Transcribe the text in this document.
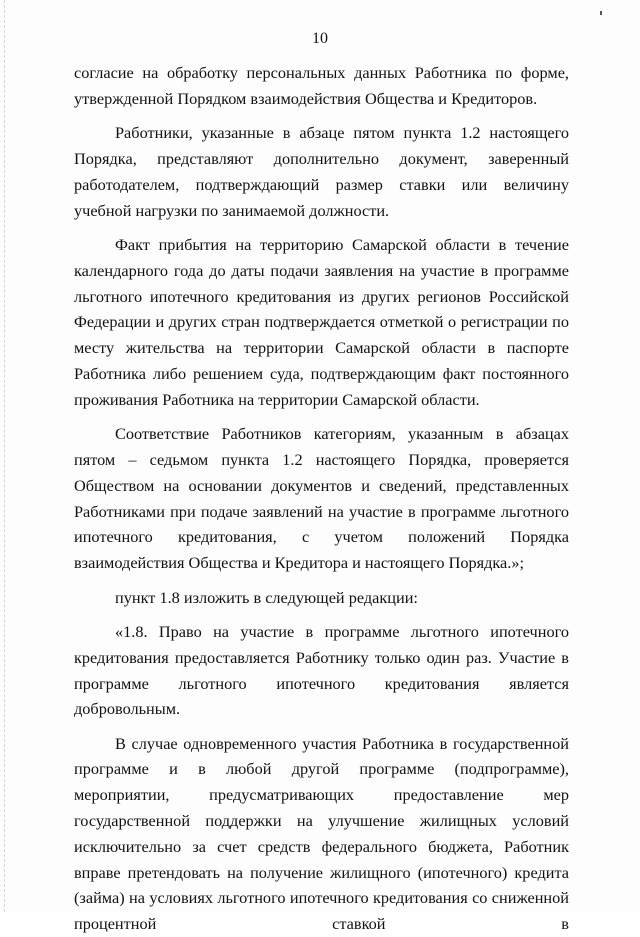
10

согласие на обработку персональных данных Работника по форме, утвержденной Порядком взаимодействия Общества и Кредиторов.

Работники, указанные в абзаце пятом пункта 1.2 настоящего Порядка, представляют дополнительно документ, заверенный работодателем, подтверждающий размер ставки или величину учебной нагрузки по занимаемой должности.

Факт прибытия на территорию Самарской области в течение календарного года до даты подачи заявления на участие в программе льготного ипотечного кредитования из других регионов Российской Федерации и других стран подтверждается отметкой о регистрации по месту жительства на территории Самарской области в паспорте Работника либо решением суда, подтверждающим факт постоянного проживания Работника на территории Самарской области.

Соответствие Работников категориям, указанным в абзацах пятом – седьмом пункта 1.2 настоящего Порядка, проверяется Обществом на основании документов и сведений, представленных Работниками при подаче заявлений на участие в программе льготного ипотечного кредитования, с учетом положений Порядка взаимодействия Общества и Кредитора и настоящего Порядка.»;

пункт 1.8 изложить в следующей редакции:

«1.8. Право на участие в программе льготного ипотечного кредитования предоставляется Работнику только один раз. Участие в программе льготного ипотечного кредитования является добровольным.

В случае одновременного участия Работника в государственной программе и в любой другой программе (подпрограмме), мероприятии, предусматривающих предоставление мер государственной поддержки на улучшение жилищных условий исключительно за счет средств федерального бюджета, Работник вправе претендовать на получение жилищного (ипотечного) кредита (займа) на условиях льготного ипотечного кредитования со сниженной процентной ставкой в
